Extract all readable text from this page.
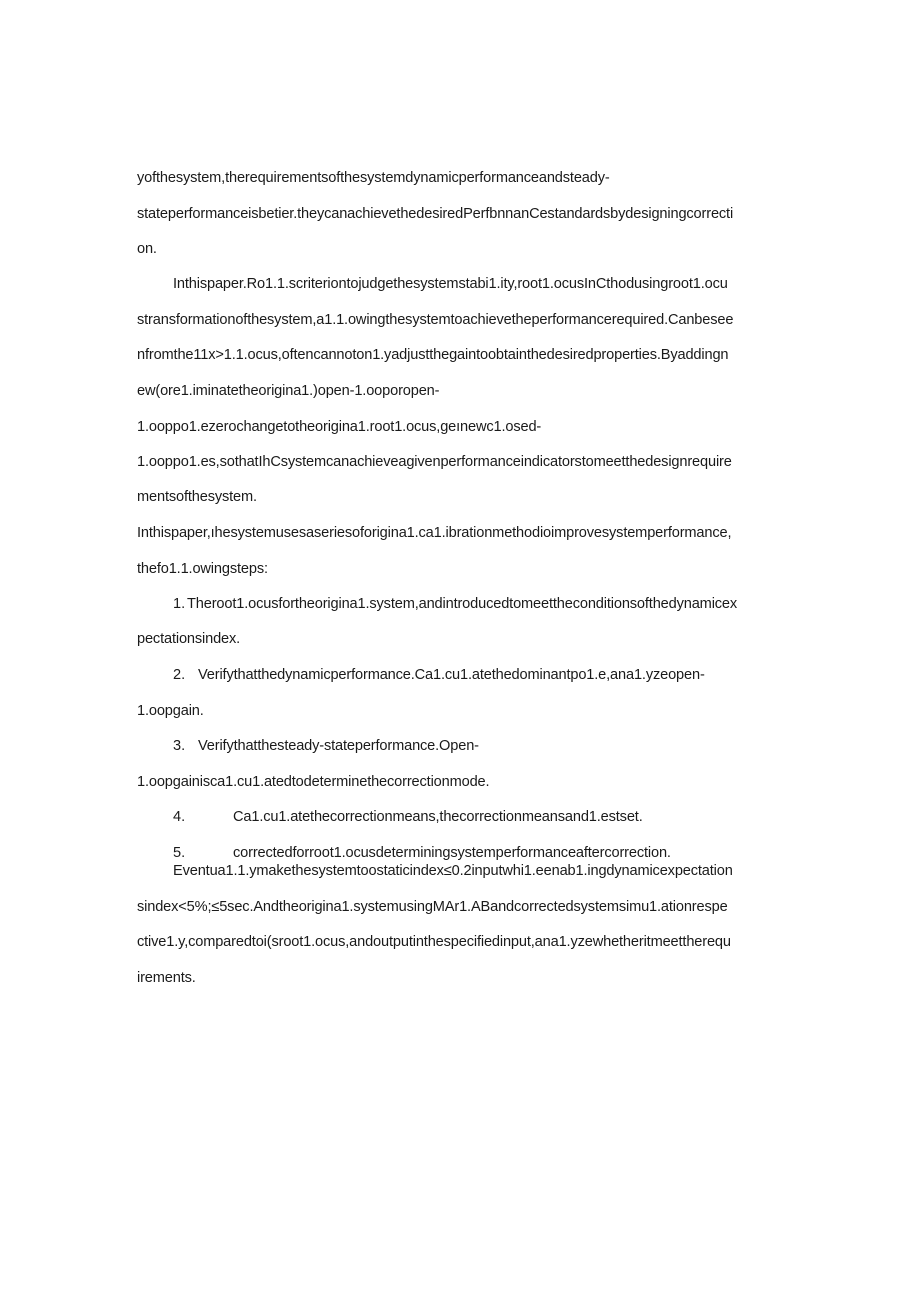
yofthesystem,therequirementsofthesystemdynamicperformanceandsteady-
stateperformanceisbetier.theycanachievethedesiredPerfbnnanCestandardsbydesigningcorrecti
on.
Inthispaper.Ro1.1.scriteriontojudgethesystemstabi1.ity,root1.ocusInCthodusingroot1.ocu
stransformationofthesystem,a1.1.owingthesystemtoachievetheperformancerequired.Canbesee
nfromthe11x>1.1.ocus,oftencannoton1.yadjustthegaintoobtainthedesiredproperties.Byaddingn
ew(ore1.iminatetheorigina1.)open-1.ooporopen-
1.ooppo1.ezerochangetotheorigina1.root1.ocus,geınewc1.osed-
1.ooppo1.es,sothatIhCsystemcanachieveagivenperformanceindicatorstomeetthedesignrequire
mentsofthesystem.
Inthispaper,ıhesystemusesaseriesoforigina1.ca1.ibrationmethodioimprovesystemperformance,
thefo1.1.owingsteps:
1. Theroot1.ocusfortheorigina1.system,andintroducedtomeettheconditionsofthedynamicex
pectationsindex.
2. Verifythatthedynamicperformance.Ca1.cu1.atethedominantpo1.e,ana1.yzeopen-
1.oopgain.
3. Verifythatthesteady-stateperformance.Open-
1.oopgainisca1.cu1.atedtodeterminethecorrectionmode.
4.	Ca1.cu1.atethecorrectionmeans,thecorrectionmeansand1.estset.
5.	correctedforroot1.ocusdeterminingsystemperformanceaftercorrection.
Eventua1.1.ymakethesystemtoostaticindex≤0.2inputwhi1.eenab1.ingdynamicexpectation
sindex<5%;≤5sec.Andtheorigina1.systemusingMAr1.ABandcorrectedsystemsimu1.ationrespe
ctive1.y,comparedtoi(sroot1.ocus,andoutputinthespecifiedinput,ana1.yzewhetheritmeettherequ
irements.
